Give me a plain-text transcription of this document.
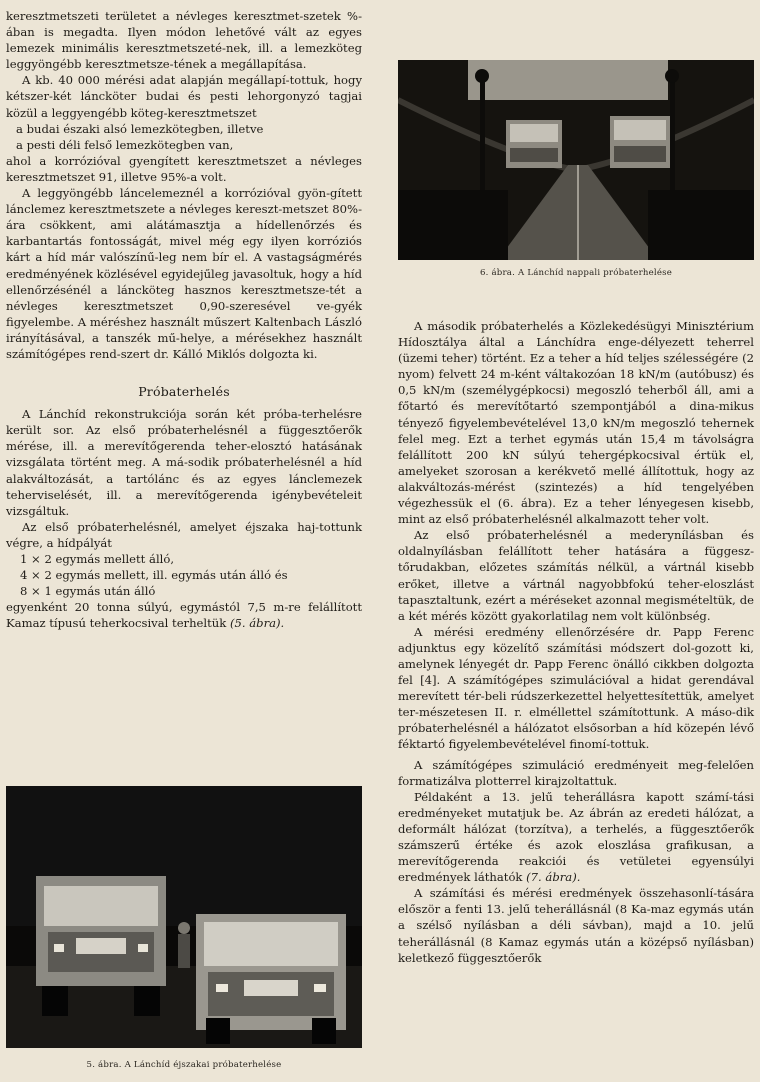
keresztmetszeti területet a névleges keresztmet-szetek %-ában is megadta. Ilyen módon lehetővé vált az egyes lemezek minimális keresztmetszeté-nek, ill. a lemezköteg leggyöngébb keresztmetsze-tének a megállapítása.

A kb. 40 000 mérési adat alapján megállapí-tottuk, hogy kétszer-két lánckötег budai és pesti lehorgonyzó tagjai közül a leggyengébb köteg-keresztmetszet

a budai északi alsó lemezkötegben, illetve

a pesti déli felső lemezkötegben van,

ahol a korrózióval gyengített keresztmetszet a névleges keresztmetszet 91, illetve 95%-a volt.

A leggyöngébb láncelemeznél a korrózióval gyön-gített lánclemez keresztmetszete a névleges kereszt-metszet 80%-ára csökkent, ami alátámasztja a hídellenőrzés és karbantartás fontosságát, mivel még egy ilyen korróziós kárt a híd már valószínű-leg nem bír el. A vastagságmérés eredményének közlésével egyidejűleg javasoltuk, hogy a híd ellenőrzésénél a láncköteg hasznos keresztmetsze-tét a névleges keresztmetszet 0,90-szeresével ve-gyék figyelembe. A méréshez használt műszert Kaltenbach László irányításával, a tanszék mű-helye, a mérésekhez használt számítógépes rend-szert dr. Kálló Miklós dolgozta ki.

Próbaterhelés

A Lánchíd rekonstrukciója során két próba-terhelésre került sor. Az első próbaterhelésnél a függesztőerők mérése, ill. a merevítőgerenda teher-elosztó hatásának vizsgálata történt meg. A má-sodik próbaterhelésnél a híd alakváltozását, a tartólánc és az egyes lánclemezek teherviselését, ill. a merevítőgerenda igénybevételeit vizsgáltuk.

Az első próbaterhelésnél, amelyet éjszaka haj-tottunk végre, a hídpályát

1 × 2 egymás mellett álló,

4 × 2 egymás mellett, ill. egymás után álló és

8 × 1 egymás után álló

egyenként 20 tonna súlyú, egymástól 7,5 m-re felállított Kamaz típusú teherkocsival terheltük (5. ábra).

5. ábra. A Lánchíd éjszakai próbaterhelése
6. ábra. A Lánchíd nappali próbaterhelése

A második próbaterhelés a Közlekedésügyi Minisztérium Hídosztálya által a Lánchídra enge-délyezett teherrel (üzemi teher) történt. Ez a teher a híd teljes szélességére (2 nyom) felvett 24 m-ként váltakozóan 18 kN/m (autóbusz) és 0,5 kN/m (személygépkocsi) megoszló teherből áll, ami a főtartó és merevítőtartó szempontjából a dina-mikus tényező figyelembevételével 13,0 kN/m megoszló tehernek felel meg. Ezt a terhet egymás után 15,4 m távolságra felállított 200 kN súlyú tehergépkocsival értük el, amelyeket szorosan a kerékvető mellé állítottuk, hogy az alakváltozás-mérést (szintezés) a híd tengelyében végezhessük el (6. ábra). Ez a teher lényegesen kisebb, mint az első próbaterhelésnél alkalmazott teher volt.

Az első próbaterhelésnél a mederynílásban és oldalnyílásban felállított teher hatására a függesz-tőrudakban, előzetes számítás nélkül, a vártnál kisebb erőket, illetve a vártnál nagyobbfokú teher-eloszlást tapasztaltunk, ezért a méréseket azonnal megismételtük, de a két mérés között gyakorlatilag nem volt különbség.

A mérési eredmény ellenőrzésére dr. Papp Ferenc adjunktus egy közelítő számítási módszert dol-gozott ki, amelynek lényegét dr. Papp Ferenc önálló cikkben dolgozta fel [4]. A számítógépes szimulációval a hidat gerendával merevített tér-beli rúdszerkezettel helyettesítettük, amelyet ter-mészetesen II. r. elméllettel számítottunk. A máso-dik próbaterhelésnél a hálózatot elsősorban a híd közepén lévő féktartó figyelembevételével finomí-tottuk.

A számítógépes szimuláció eredményeit meg-felelően formatizálva plotterrel kirajzoltattuk.

Példaként a 13. jelű teherállásra kapott számí-tási eredményeket mutatjuk be. Az ábrán az eredeti hálózat, a deformált hálózat (torzítva), a terhelés, a függesztőerők számszerű értéke és azok eloszlása grafikusan, a merevítőgerenda reakciói és vetületei egyensúlyi eredmények láthatók (7. ábra).

A számítási és mérési eredmények összehasonlí-tására először a fenti 13. jelű teherállásnál (8 Ka-maz egymás után a szélső nyílásban a déli sávban), majd a 10. jelű teherállásnál (8 Kamaz egymás után a középső nyílásban) keletkező függesztőerők
